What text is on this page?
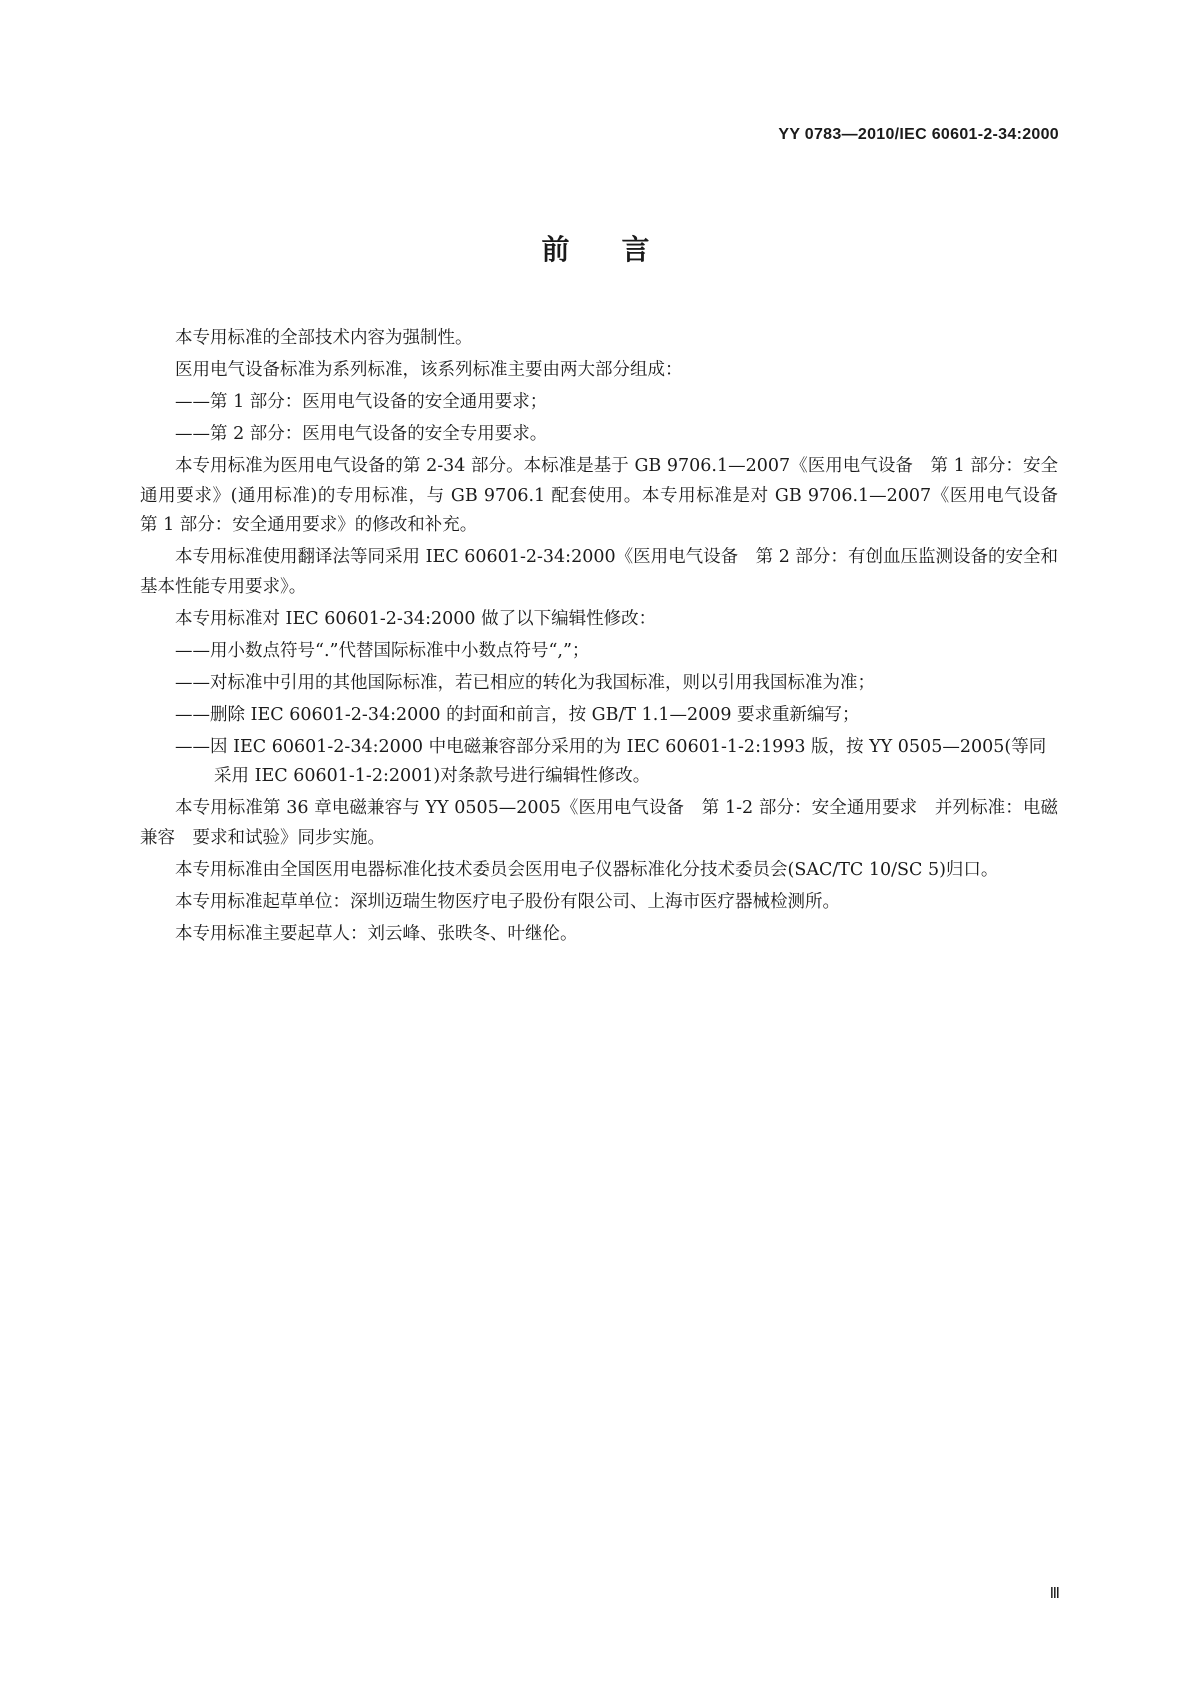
YY 0783—2010/IEC 60601-2-34:2000
前言

本专用标准的全部技术内容为强制性。

医用电气设备标准为系列标准，该系列标准主要由两大部分组成：

——第 1 部分：医用电气设备的安全通用要求；

——第 2 部分：医用电气设备的安全专用要求。

本专用标准为医用电气设备的第 2-34 部分。本标准是基于 GB 9706.1—2007《医用电气设备　第 1 部分：安全通用要求》(通用标准)的专用标准，与 GB 9706.1 配套使用。本专用标准是对 GB 9706.1—2007《医用电气设备　第 1 部分：安全通用要求》的修改和补充。

本专用标准使用翻译法等同采用 IEC 60601-2-34:2000《医用电气设备　第 2 部分：有创血压监测设备的安全和基本性能专用要求》。

本专用标准对 IEC 60601-2-34:2000 做了以下编辑性修改：

——用小数点符号“.”代替国际标准中小数点符号“,”；

——对标准中引用的其他国际标准，若已相应的转化为我国标准，则以引用我国标准为准；

——删除 IEC 60601-2-34:2000 的封面和前言，按 GB/T 1.1—2009 要求重新编写；

——因 IEC 60601-2-34:2000 中电磁兼容部分采用的为 IEC 60601-1-2:1993 版，按 YY 0505—2005(等同采用 IEC 60601-1-2:2001)对条款号进行编辑性修改。

本专用标准第 36 章电磁兼容与 YY 0505—2005《医用电气设备　第 1-2 部分：安全通用要求　并列标准：电磁兼容　要求和试验》同步实施。

本专用标准由全国医用电器标准化技术委员会医用电子仪器标准化分技术委员会(SAC/TC 10/SC 5)归口。

本专用标准起草单位：深圳迈瑞生物医疗电子股份有限公司、上海市医疗器械检测所。

本专用标准主要起草人：刘云峰、张昳冬、叶继伦。

Ⅲ
